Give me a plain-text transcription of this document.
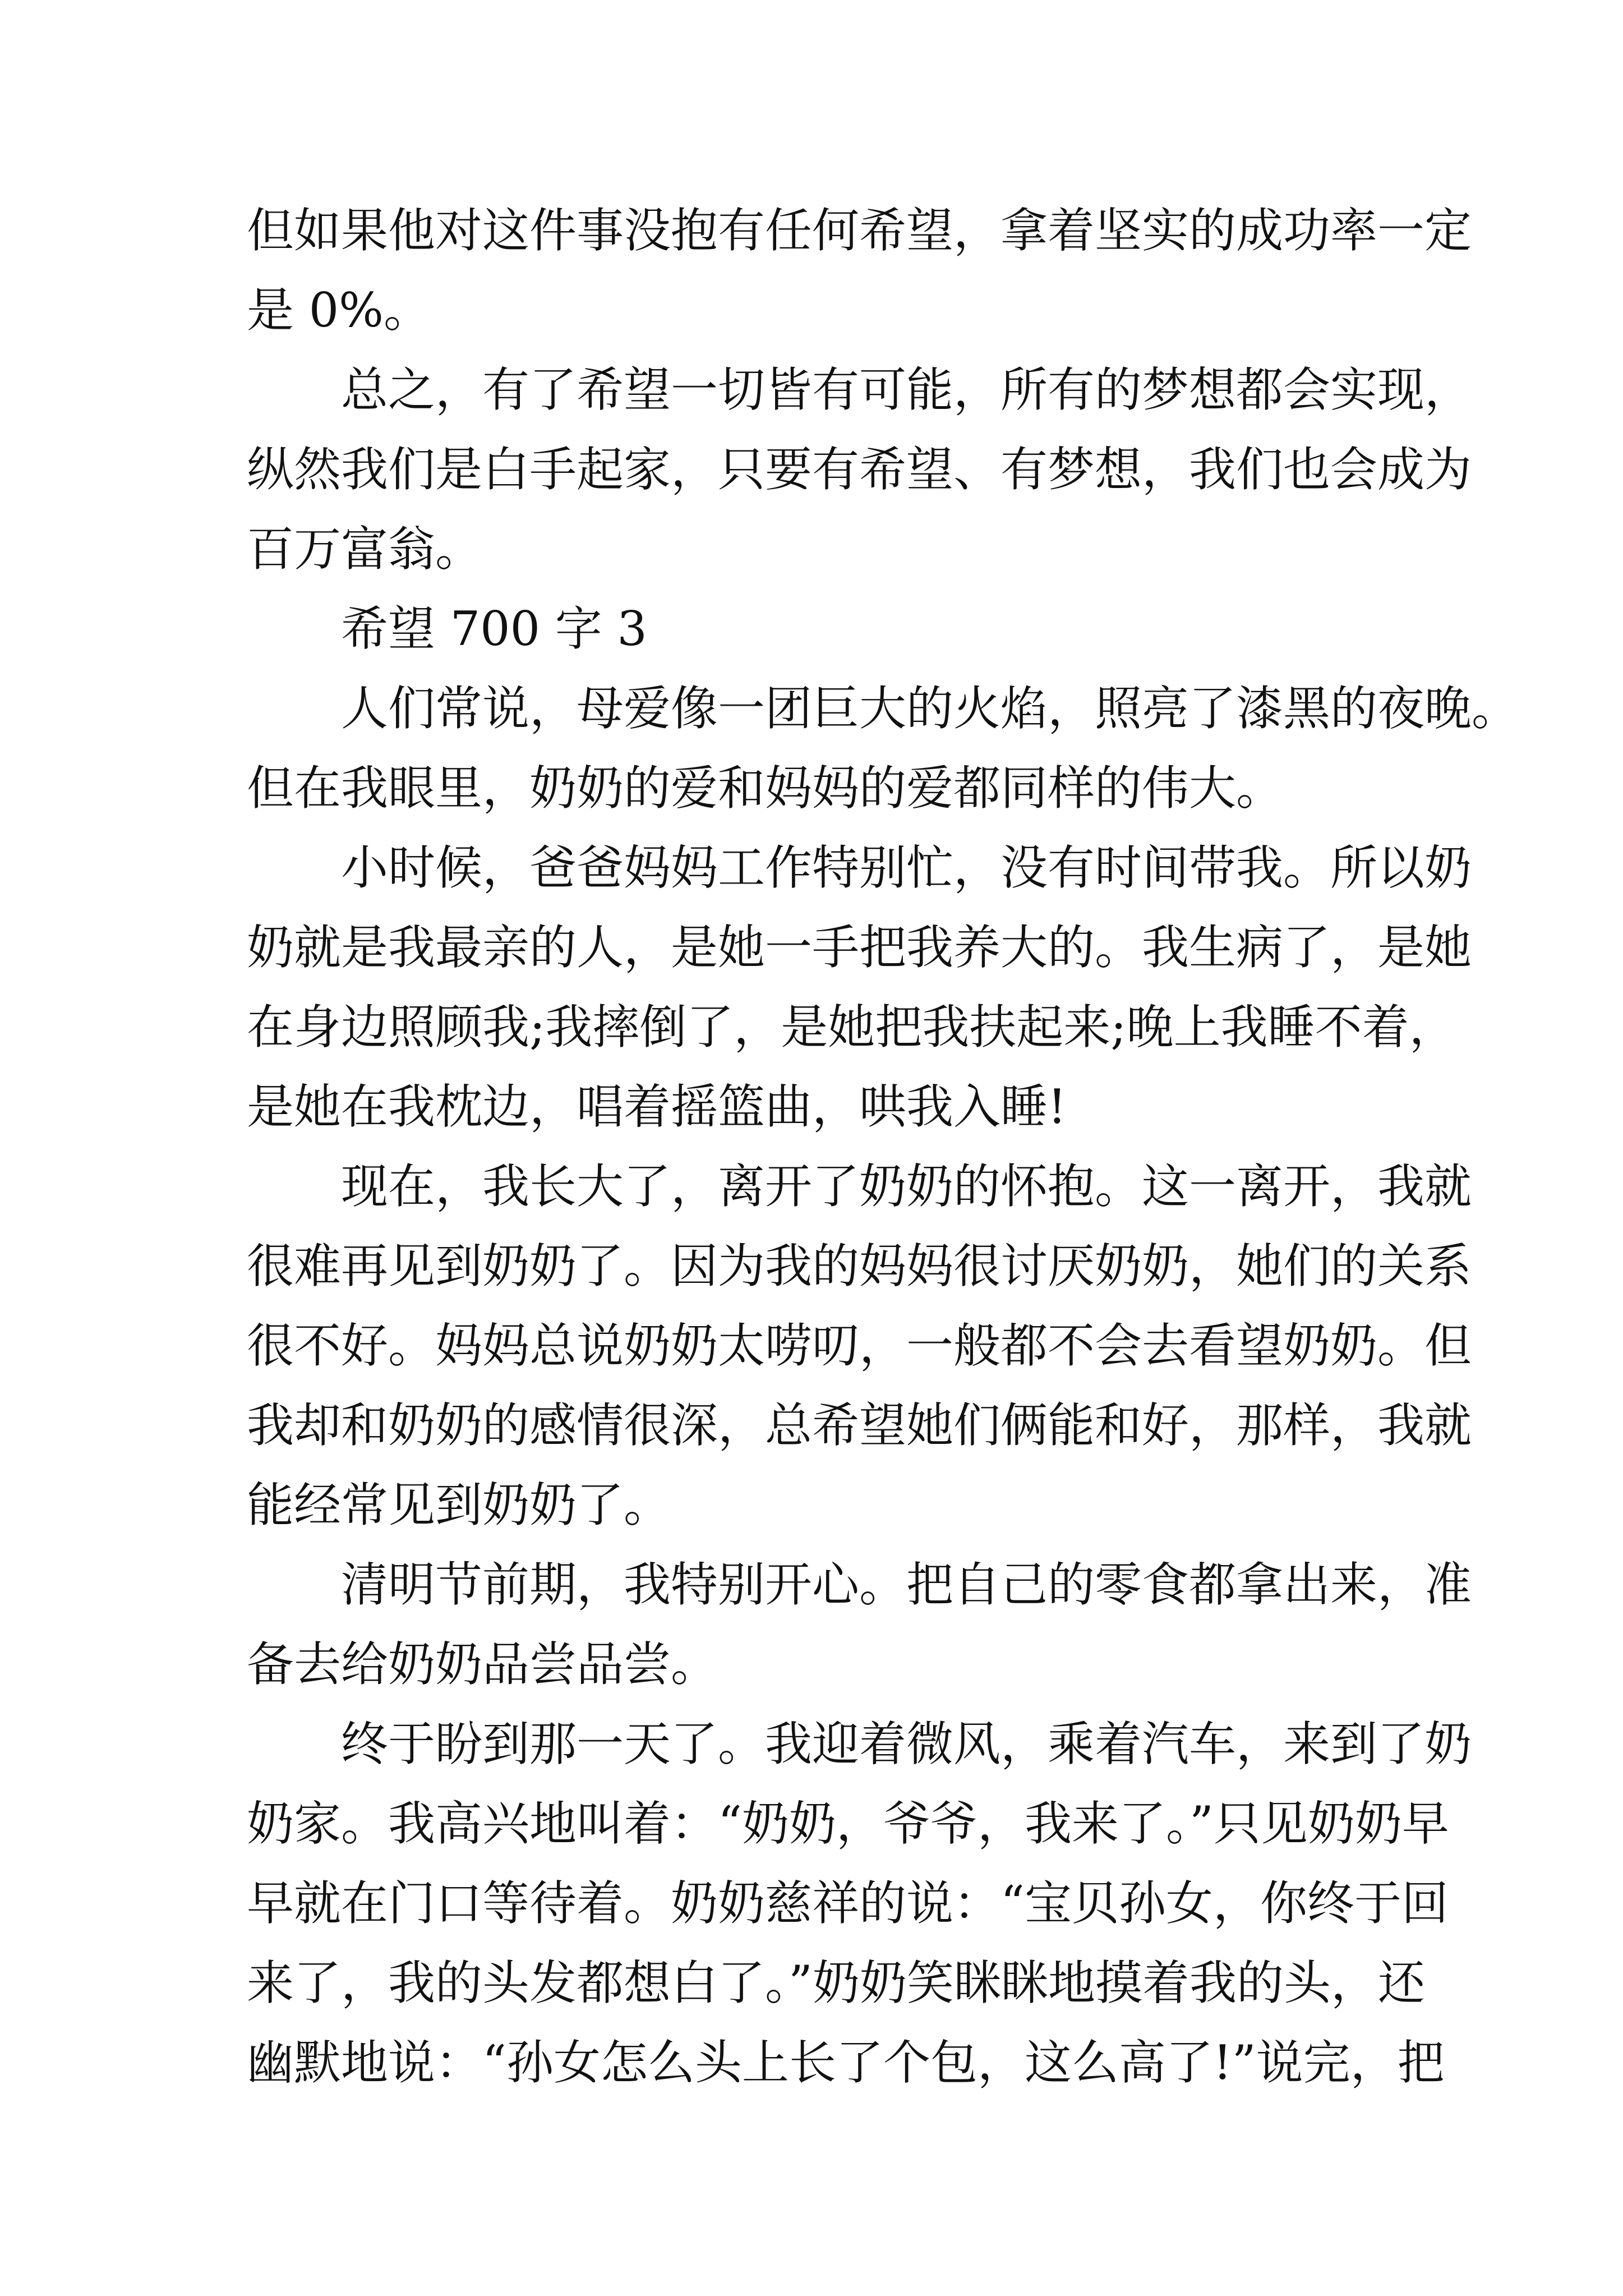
但如果他对这件事没抱有任何希望，拿着坚实的成功率一定
是 0%。
总之，有了希望一切皆有可能，所有的梦想都会实现，
纵然我们是白手起家，只要有希望、有梦想，我们也会成为
百万富翁。
希望 700 字 3
人们常说，母爱像一团巨大的火焰，照亮了漆黑的夜晚。
但在我眼里，奶奶的爱和妈妈的爱都同样的伟大。
小时候，爸爸妈妈工作特别忙，没有时间带我。所以奶
奶就是我最亲的人，是她一手把我养大的。我生病了，是她
在身边照顾我;我摔倒了，是她把我扶起来;晚上我睡不着，
是她在我枕边，唱着摇篮曲，哄我入睡!
现在，我长大了，离开了奶奶的怀抱。这一离开，我就
很难再见到奶奶了。因为我的妈妈很讨厌奶奶，她们的关系
很不好。妈妈总说奶奶太唠叨，一般都不会去看望奶奶。但
我却和奶奶的感情很深，总希望她们俩能和好，那样，我就
能经常见到奶奶了。
清明节前期，我特别开心。把自己的零食都拿出来，准
备去给奶奶品尝品尝。
终于盼到那一天了。我迎着微风，乘着汽车，来到了奶
奶家。我高兴地叫着：“奶奶，爷爷，我来了。”只见奶奶早
早就在门口等待着。奶奶慈祥的说：“宝贝孙女，你终于回
来了，我的头发都想白了。”奶奶笑眯眯地摸着我的头，还
幽默地说：“孙女怎么头上长了个包，这么高了!”说完，把
